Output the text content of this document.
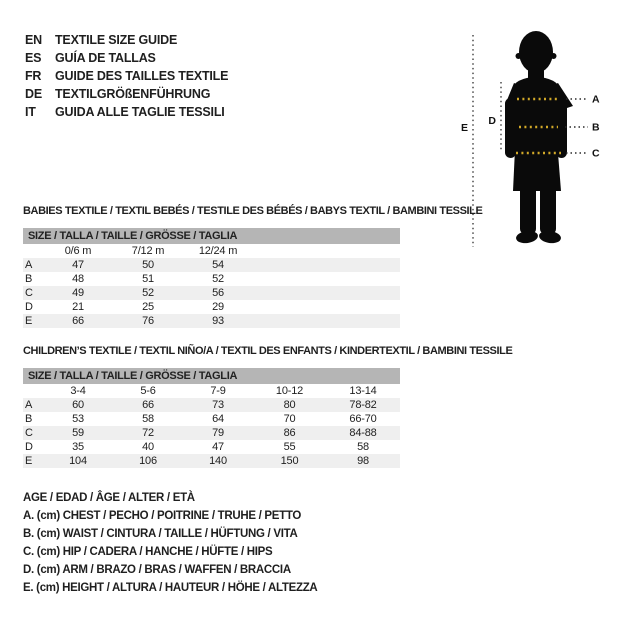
EN	TEXTILE SIZE GUIDE
ES	GUÍA DE TALLAS
FR	GUIDE DES TAILLES TEXTILE
DE	TEXTILGRÖßENFÜHRUNG
IT	GUIDA ALLE TAGLIE TESSILI
E
D
A
B
C
BABIES TEXTILE / TEXTIL BEBÉS / TESTILE DES BÉBÉS / BABYS TEXTIL / BAMBINI TESSILE
SIZE / TALLA / TAILLE / GRÖSSE / TAGLIA
	0/6 m	7/12 m	12/24 m	
A	47	50	54	
B	48	51	52	
C	49	52	56	
D	21	25	29	
E	66	76	93	
CHILDREN’S TEXTILE / TEXTIL NIÑO/A / TEXTIL DES ENFANTS / KINDERTEXTIL / BAMBINI TESSILE
SIZE / TALLA / TAILLE / GRÖSSE / TAGLIA
	3-4	5-6	7-9	10-12	13-14
A	60	66	73	80	78-82
B	53	58	64	70	66-70
C	59	72	79	86	84-88
D	35	40	47	55	58
E	104	106	140	150	98
AGE / EDAD / ÂGE / ALTER / ETÀ
A. (cm) CHEST / PECHO / POITRINE / TRUHE / PETTO
B. (cm) WAIST / CINTURA / TAILLE / HÜFTUNG / VITA
C. (cm) HIP / CADERA / HANCHE / HÜFTE / HIPS
D. (cm) ARM / BRAZO / BRAS / WAFFEN / BRACCIA
E. (cm) HEIGHT / ALTURA / HAUTEUR / HÖHE / ALTEZZA
